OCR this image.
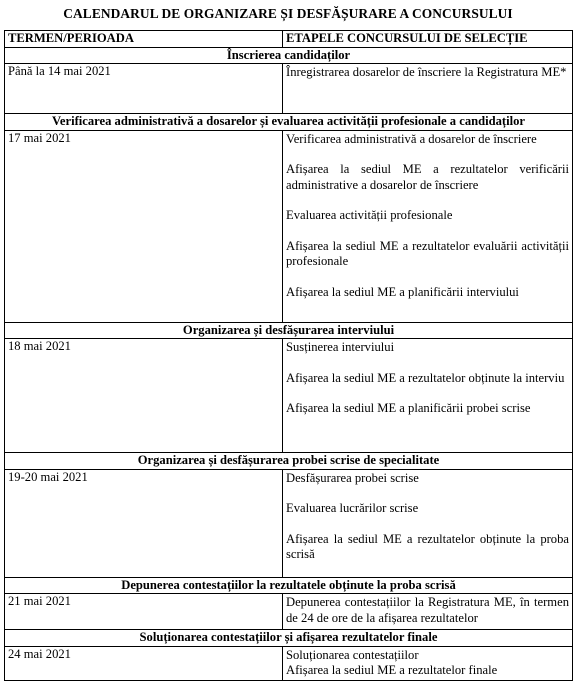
CALENDARUL DE ORGANIZARE ȘI DESFĂȘURARE A CONCURSULUI
TERMEN/PERIOADA	ETAPELE CONCURSULUI DE SELECȚIE
Înscrierea candidaților	
Până la 14 mai 2021	Înregistrarea dosarelor de înscriere la Registratura ME*

Verificarea administrativă a dosarelor și evaluarea activității profesionale a candidaților	
17 mai 2021	Verificarea administrativă a dosarelor de înscriere
Afișarea la sediul ME a rezultatelor verificării administrative a dosarelor de înscriere
Evaluarea activității profesionale
Afișarea la sediul ME a rezultatelor evaluării activității profesionale
Afișarea la sediul ME a planificării interviului

Organizarea și desfășurarea interviului	
18 mai 2021	Susținerea interviului
Afișarea la sediul ME a rezultatelor obținute la interviu
Afișarea la sediul ME a planificării probei scrise

Organizarea și desfășurarea probei scrise de specialitate	
19-20 mai 2021	Desfășurarea probei scrise
Evaluarea lucrărilor scrise
Afișarea la sediul ME a rezultatelor obținute la proba scrisă

Depunerea contestațiilor la rezultatele obținute la proba scrisă	
21 mai 2021	Depunerea contestațiilor la Registratura ME, în termen de 24 de ore de la afișarea rezultatelor

Soluționarea contestațiilor și afișarea rezultatelor finale	
24 mai 2021	Soluționarea contestațiilor
Afișarea la sediul ME a rezultatelor finale
